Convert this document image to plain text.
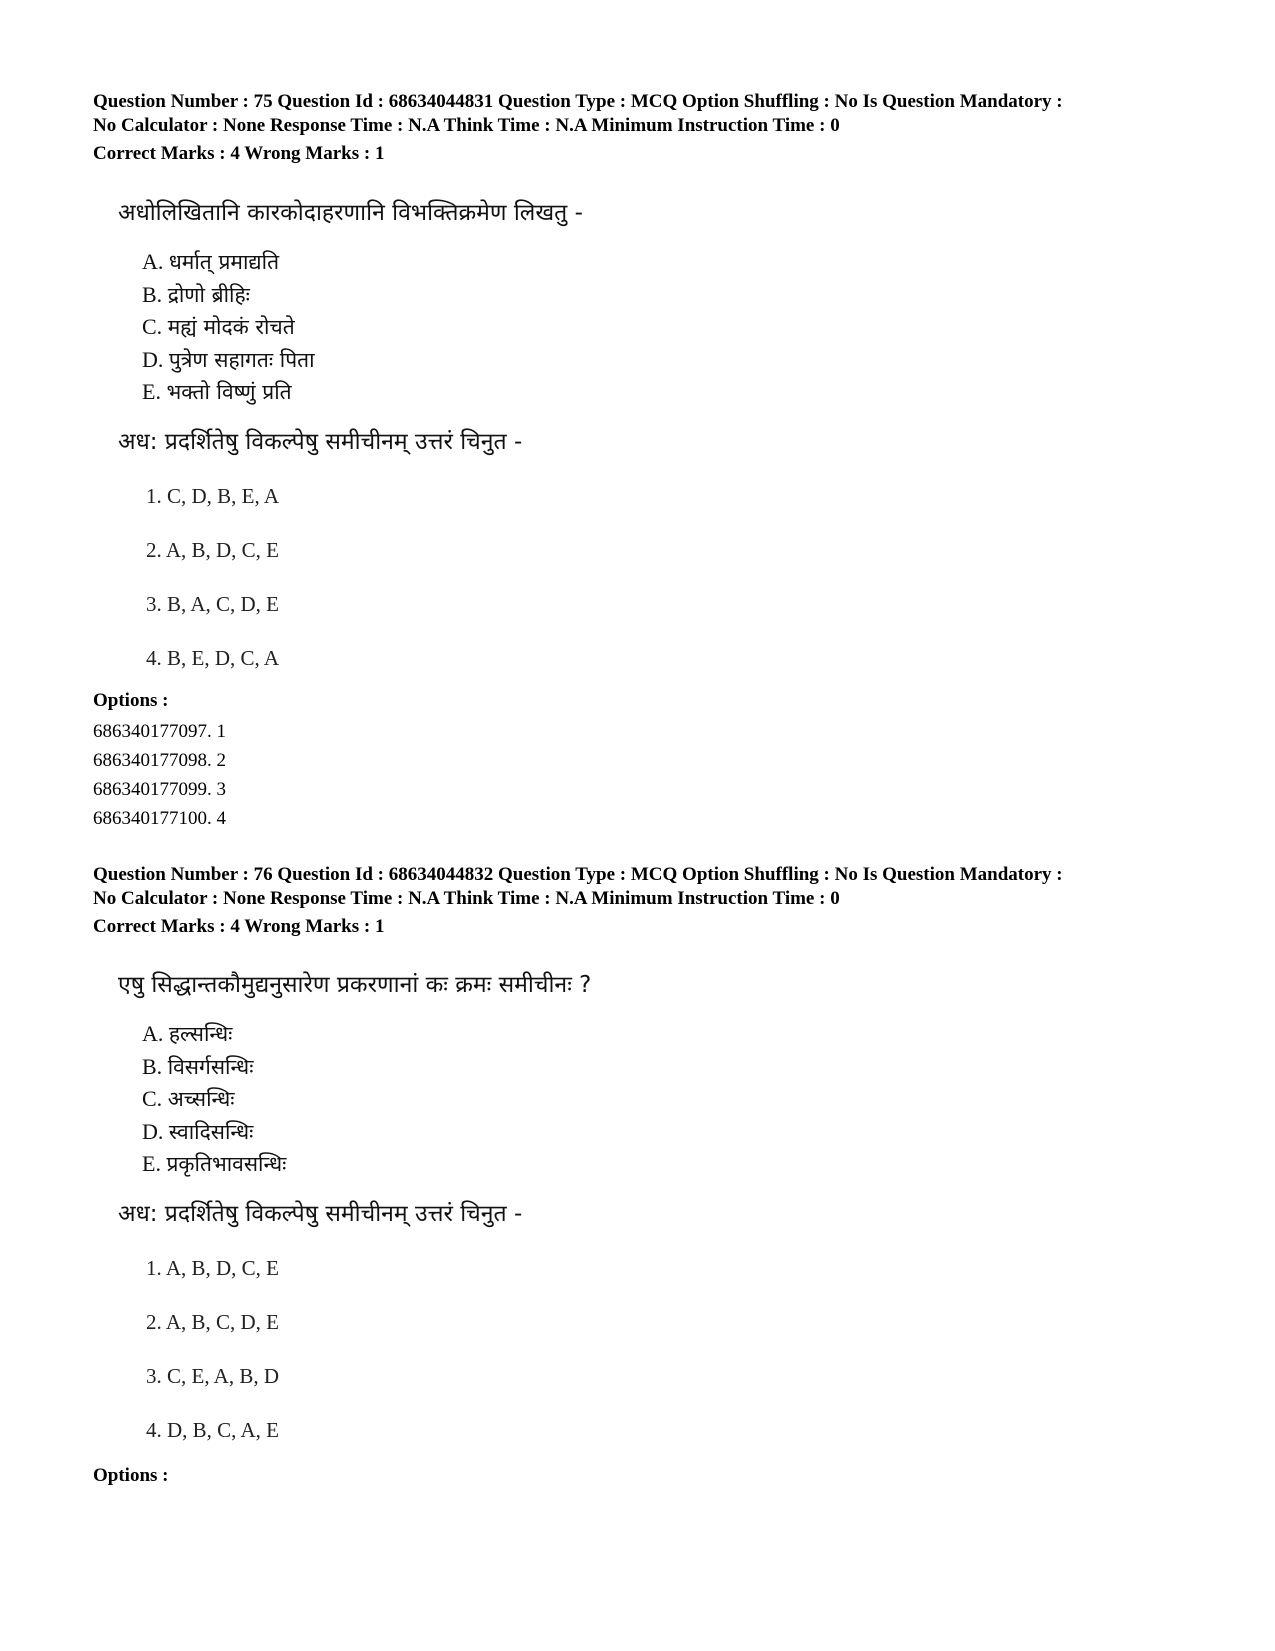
Question Number : 75 Question Id : 68634044831 Question Type : MCQ Option Shuffling : No Is Question Mandatory :

No Calculator : None Response Time : N.A Think Time : N.A Minimum Instruction Time : 0

Correct Marks : 4 Wrong Marks : 1

अधोलिखितानि कारकोदाहरणानि विभक्तिक्रमेण लिखतु -

A. धर्मात् प्रमाद्यति
B. द्रोणो ब्रीहिः
C. मह्यं मोदकं रोचते
D. पुत्रेण सहागतः पिता
E. भक्तो विष्णुं प्रति

अध: प्रदर्शितेषु विकल्पेषु समीचीनम् उत्तरं चिनुत -

1. C, D, B, E, A
2. A, B, D, C, E
3. B, A, C, D, E
4. B, E, D, C, A

Options :

686340177097. 1
686340177098. 2
686340177099. 3
686340177100. 4

Question Number : 76 Question Id : 68634044832 Question Type : MCQ Option Shuffling : No Is Question Mandatory :

No Calculator : None Response Time : N.A Think Time : N.A Minimum Instruction Time : 0

Correct Marks : 4 Wrong Marks : 1

एषु सिद्धान्तकौमुद्यनुसारेण प्रकरणानां कः क्रमः समीचीनः ?

A. हल्सन्धिः
B. विसर्गसन्धिः
C. अच्सन्धिः
D. स्वादिसन्धिः
E. प्रकृतिभावसन्धिः

अध: प्रदर्शितेषु विकल्पेषु समीचीनम् उत्तरं चिनुत -

1. A, B, D, C, E
2. A, B, C, D, E
3. C, E, A, B, D
4. D, B, C, A, E

Options :
